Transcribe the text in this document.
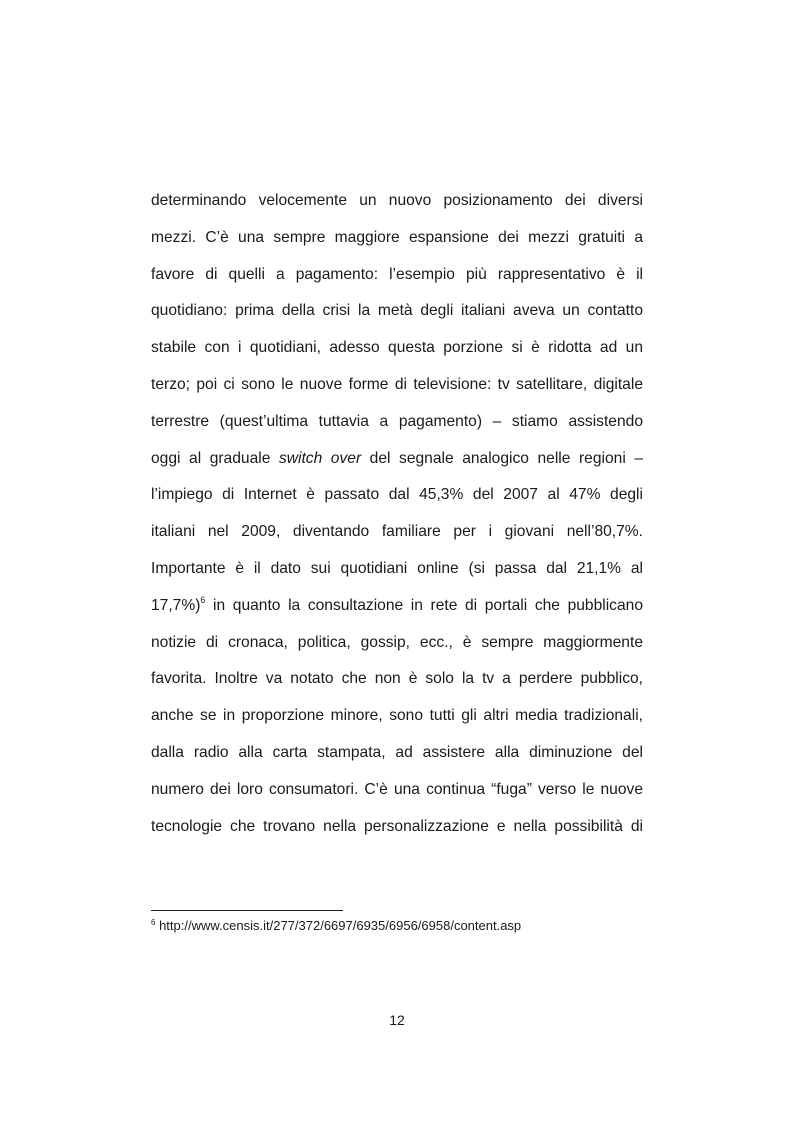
determinando velocemente un nuovo posizionamento dei diversi
mezzi. C’è una sempre maggiore espansione dei mezzi gratuiti a
favore di quelli a pagamento: l’esempio più rappresentativo è il
quotidiano: prima della crisi la metà degli italiani aveva un contatto
stabile con i quotidiani, adesso questa porzione si è ridotta ad un
terzo; poi ci sono le nuove forme di televisione: tv satellitare, digitale
terrestre (quest’ultima tuttavia a pagamento) – stiamo assistendo
oggi al graduale switch over del segnale analogico nelle regioni –
l’impiego di Internet è passato dal 45,3% del 2007 al 47% degli
italiani nel 2009, diventando familiare per i giovani nell’80,7%.
Importante è il dato sui quotidiani online (si passa dal 21,1% al
17,7%)$^6$ in quanto la consultazione in rete di portali che pubblicano
notizie di cronaca, politica, gossip, ecc., è sempre maggiormente
favorita. Inoltre va notato che non è solo la tv a perdere pubblico,
anche se in proporzione minore, sono tutti gli altri media tradizionali,
dalla radio alla carta stampata, ad assistere alla diminuzione del
numero dei loro consumatori. C’è una continua “fuga” verso le nuove
tecnologie che trovano nella personalizzazione e nella possibilità di
$^6$ http://www.censis.it/277/372/6697/6935/6956/6958/content.asp
12
